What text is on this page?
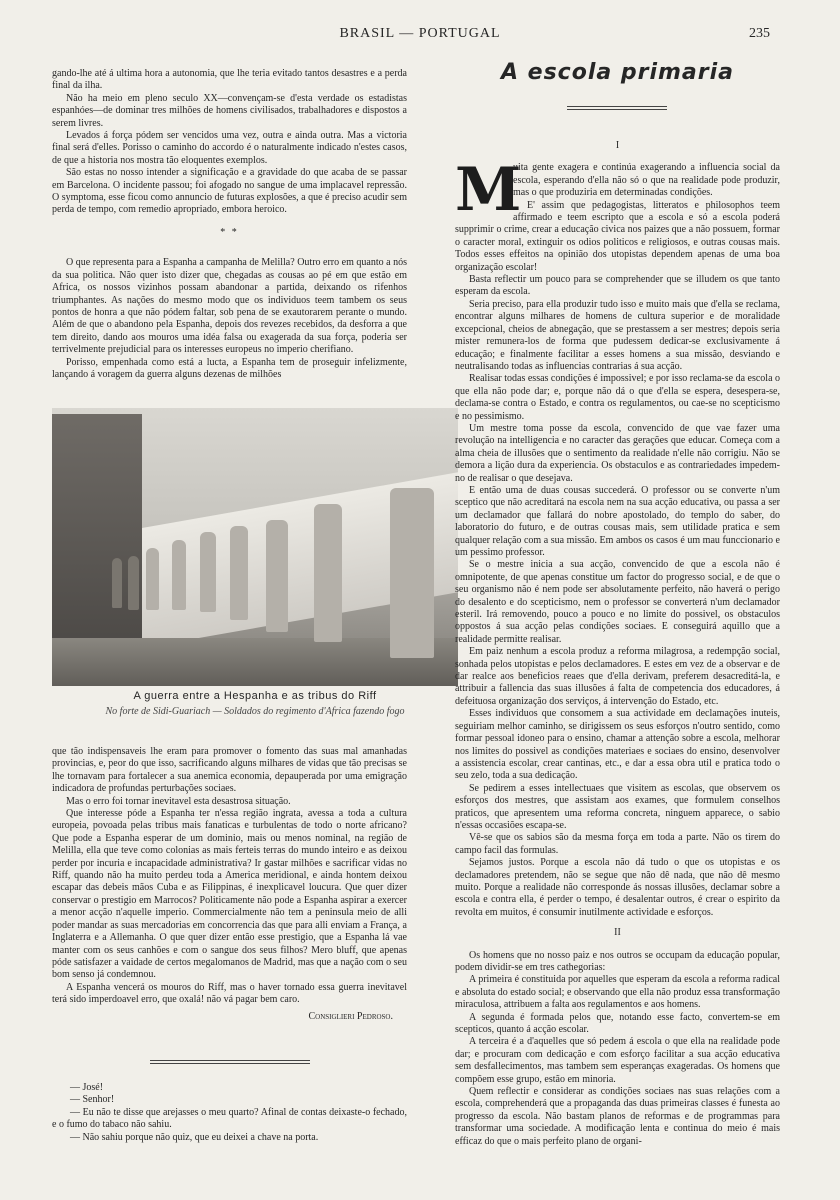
BRASIL — PORTUGAL	235

gando-lhe até á ultima hora a autonomia, que lhe teria evitado tantos desastres e a perda final da ilha.

Não ha meio em pleno seculo XX—convençam-se d'esta verdade os estadistas espanhóes—de dominar tres milhões de homens civilisados, trabalhadores e dispostos a serem livres.

Levados á força pódem ser vencidos uma vez, outra e ainda outra. Mas a victoria final será d'elles. Porisso o caminho do accordo é o naturalmente indicado n'estes casos, de que a historia nos mostra tão eloquentes exemplos.

São estas no nosso intender a significação e a gravidade do que acaba de se passar em Barcelona. O incidente passou; foi afogado no sangue de uma implacavel repressão. O symptoma, esse ficou como annuncio de futuras explosões, a que é preciso acudir sem perda de tempo, com remedio apropriado, embora heroico.

* *

O que representa para a Espanha a campanha de Melilla? Outro erro em quanto a nós da sua politica. Não quer isto dizer que, chegadas as cousas ao pé em que estão em Africa, os nossos vizinhos possam abandonar a partida, deixando os rifenhos triumphantes. As nações do mesmo modo que os individuos teem tambem os seus pontos de honra a que não pódem faltar, sob pena de se exautorarem perante o mundo. Além de que o abandono pela Espanha, depois dos revezes recebidos, da desforra a que tem direito, dando aos mouros uma idéa falsa ou exagerada da sua força, poderia ser terrivelmente prejudicial para os interesses europeus no imperio cherifiano.

Porisso, empenhada como está a lucta, a Espanha tem de proseguir infelizmente, lançando á voragem da guerra alguns dezenas de milhões

A guerra entre a Hespanha e as tribus do Riff
No forte de Sidi-Guariach — Soldados do regimento d'Africa fazendo fogo

que tão indispensaveis lhe eram para promover o fomento das suas mal amanhadas provincias, e, peor do que isso, sacrificando alguns milhares de vidas que tão precisas se lhe tornavam para fortalecer a sua anemica economia, depauperada por uma emigração indicadora de profundas perturbações sociaes.

Mas o erro foi tornar inevitavel esta desastrosa situação.

Que interesse póde a Espanha ter n'essa região ingrata, avessa a toda a cultura europeia, povoada pelas tribus mais fanaticas e turbulentas de todo o norte africano? Que pode a Espanha esperar de um dominio, mais ou menos nominal, na região de Melilla, ella que teve como colonias as mais ferteis terras do mundo inteiro e as deixou perder por incuria e incapacidade administrativa? Ir gastar milhões e sacrificar vidas no Riff, quando não ha muito perdeu toda a America meridional, e ainda hontem deixou escapar das debeis mãos Cuba e as Filippinas, é inexplicavel loucura. Que quer dizer conservar o prestigio em Marrocos? Politicamente não pode a Espanha aspirar a exercer a menor acção n'aquelle imperio. Commercialmente não tem a peninsula meio de alli poder mandar as suas mercadorias em concorrencia das que para alli enviam a França, a Inglaterra e a Allemanha. O que quer dizer então esse prestigio, que a Espanha lá vae manter com os seus canhões e com o sangue dos seus filhos? Mero bluff, que apenas póde satisfazer a vaidade de certos megalomanos de Madrid, mas que a nação com o seu bom senso já condemnou.

A Espanha vencerá os mouros do Riff, mas o haver tornado essa guerra inevitavel terá sido imperdoavel erro, que oxalá! não vá pagar bem caro.

Consiglieri Pedroso.

— José!

— Senhor!

— Eu não te disse que arejasses o meu quarto? Afinal de contas deixaste-o fechado, e o fumo do tabaco não sahiu.

— Não sahiu porque não quiz, que eu deixei a chave na porta.

A escola primaria
I
M

uita gente exagera e continúa exagerando a influencia social da escola, esperando d'ella não só o que na realidade pode produzir, mas o que produziria em determinadas condições.

E' assim que pedagogistas, litteratos e philosophos teem affirmado e teem escripto que a escola e só a escola poderá supprimir o crime, crear a educação civica nos paizes que a não possuem, formar o caracter moral, extinguir os odios politicos e religiosos, e outras cousas mais. Todos esses effeitos na opinião dos utopistas dependem apenas de uma boa organização escolar!

Basta reflectir um pouco para se comprehender que se illudem os que tanto esperam da escola.

Seria preciso, para ella produzir tudo isso e muito mais que d'ella se reclama, encontrar alguns milhares de homens de cultura superior e de moralidade excepcional, cheios de abnegação, que se prestassem a ser mestres; depois seria mister remunera-los de forma que pudessem dedicar-se exclusivamente á educação; e finalmente facilitar a esses homens a sua missão, desviando e neutralisando todas as influencias contrarias á sua acção.

Realisar todas essas condições é impossivel; e por isso reclama-se da escola o que ella não pode dar; e, porque não dá o que d'ella se espera, desespera-se, declama-se contra o Estado, e contra os regulamentos, ou cae-se no scepticismo e no pessimismo.

Um mestre toma posse da escola, convencido de que vae fazer uma revolução na intelligencia e no caracter das gerações que educar. Começa com a alma cheia de illusões que o sentimento da realidade n'elle não corrigiu. Não se demora a lição dura da experiencia. Os obstaculos e as contrariedades impedem-no de realisar o que desejava.

E então uma de duas cousas succederá. O professor ou se converte n'um sceptico que não acreditará na escola nem na sua acção educativa, ou passa a ser um declamador que fallará do nobre apostolado, do templo do saber, do laboratorio do futuro, e de outras cousas mais, sem utilidade pratica e sem qualquer relação com a sua missão. Em ambos os casos é um mau funccionario e um pessimo professor.

Se o mestre inicia a sua acção, convencido de que a escola não é omnipotente, de que apenas constitue um factor do progresso social, e de que o seu organismo não é nem pode ser absolutamente perfeito, não haverá o perigo do desalento e do scepticismo, nem o professor se converterá n'um declamador esteril. Irá removendo, pouco a pouco e no limite do possivel, os obstaculos oppostos á sua acção pelas condições sociaes. E conseguirá aquillo que a realidade permitte realisar.

Em paiz nenhum a escola produz a reforma milagrosa, a redempção social, sonhada pelos utopistas e pelos declamadores. E estes em vez de a observar e de dar realce aos beneficios reaes que d'ella derivam, preferem desacreditá-la, e attribuir a fallencia das suas illusões á falta de competencia dos educadores, á defeituosa organização dos serviços, á intervenção do Estado, etc.

Esses individuos que consomem a sua actividade em declamações inuteis, seguiriam melhor caminho, se dirigissem os seus esforços n'outro sentido, como formar pessoal idoneo para o ensino, chamar a attenção sobre a escola, melhorar nos limites do possivel as condições materiaes e sociaes do ensino, desenvolver a assistencia escolar, crear cantinas, etc., e dar a essa obra util e pratica todo o seu zelo, toda a sua dedicação.

Se pedirem a esses intellectuaes que visitem as escolas, que observem os esforços dos mestres, que assistam aos exames, que formulem conselhos praticos, que apresentem uma reforma concreta, ninguem apparece, o sabio n'essas occasiões escapa-se.

Vê-se que os sabios são da mesma força em toda a parte. Não os tirem do campo facil das formulas.

Sejamos justos. Porque a escola não dá tudo o que os utopistas e os declamadores pretendem, não se segue que não dê nada, que não dê mesmo muito. Porque a realidade não corresponde ás nossas illusões, declamar sobre a escola e contra ella, é perder o tempo, é desalentar outros, é crear o espirito da revolta em muitos, é consumir inutilmente actividade e esforços.

II

Os homens que no nosso paiz e nos outros se occupam da educação popular, podem dividir-se em tres cathegorias:

A primeira é constituida por aquelles que esperam da escola a reforma radical e absoluta do estado social; e observando que ella não produz essa transformação miraculosa, attribuem a falta aos regulamentos e aos homens.

A segunda é formada pelos que, notando esse facto, convertem-se em scepticos, quanto á acção escolar.

A terceira é a d'aquelles que só pedem á escola o que ella na realidade pode dar; e procuram com dedicação e com esforço facilitar a sua acção educativa sem desfallecimentos, mas tambem sem esperanças exageradas. Os homens que compõem esse grupo, estão em minoria.

Quem reflectir e considerar as condições sociaes nas suas relações com a escola, comprehenderá que a propaganda das duas primeiras classes é funesta ao progresso da escola. Não bastam planos de reformas e de programmas para transformar uma sociedade. A modificação lenta e continua do meio é mais efficaz do que o mais perfeito plano de organi-
